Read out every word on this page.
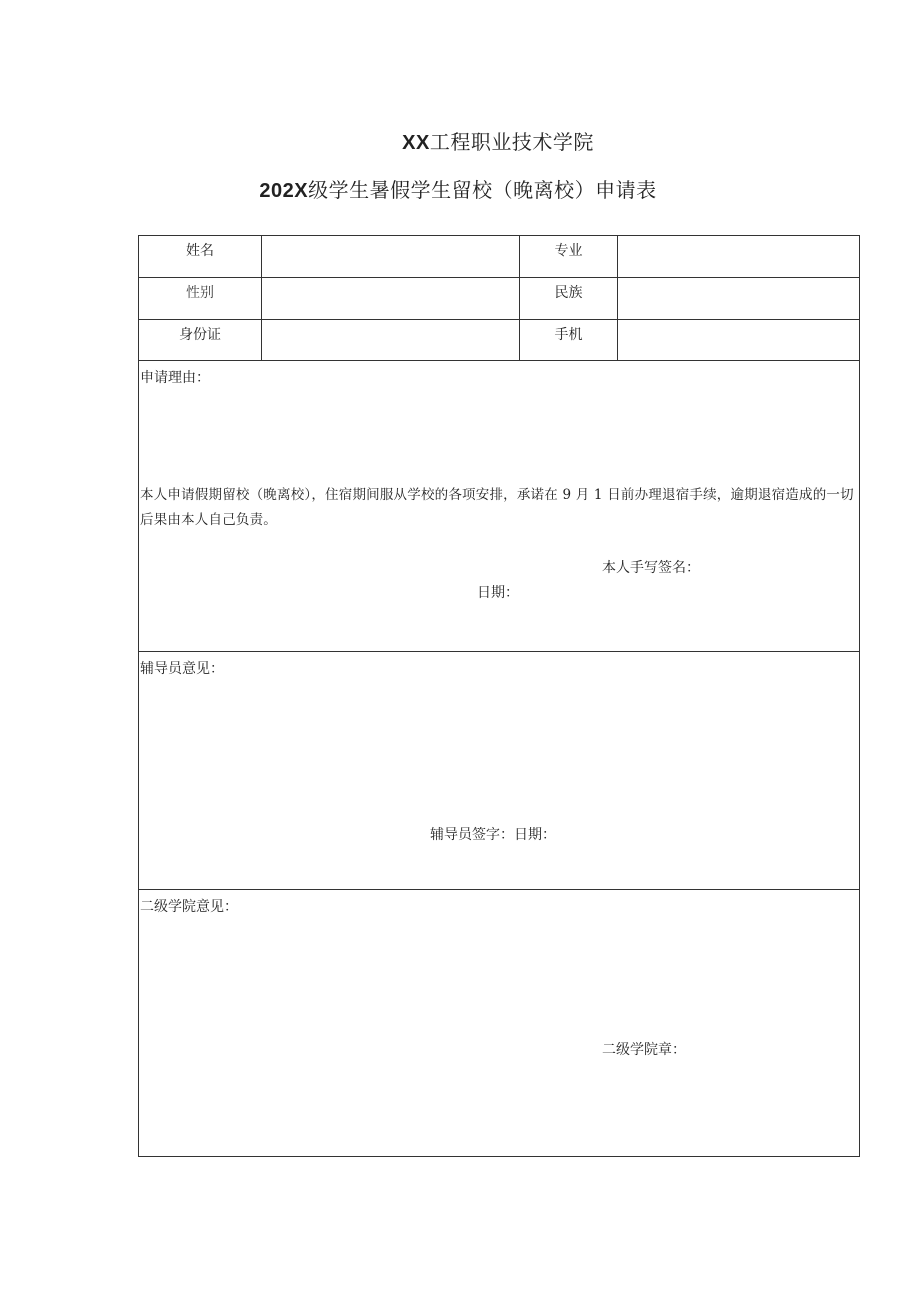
XX工程职业技术学院
202X级学生暑假学生留校（晚离校）申请表
姓名		专业	
性别		民族	
身份证		手机	

申请理由：
本人申请假期留校（晚离校），住宿期间服从学校的各项安排，承诺在 9 月 1 日前办理退宿手续，逾期退宿造成的一切后果由本人自己负责。
本人手写签名：
日期：			

辅导员意见：
辅导员签字：日期：			

二级学院意见：
二级学院章：			
